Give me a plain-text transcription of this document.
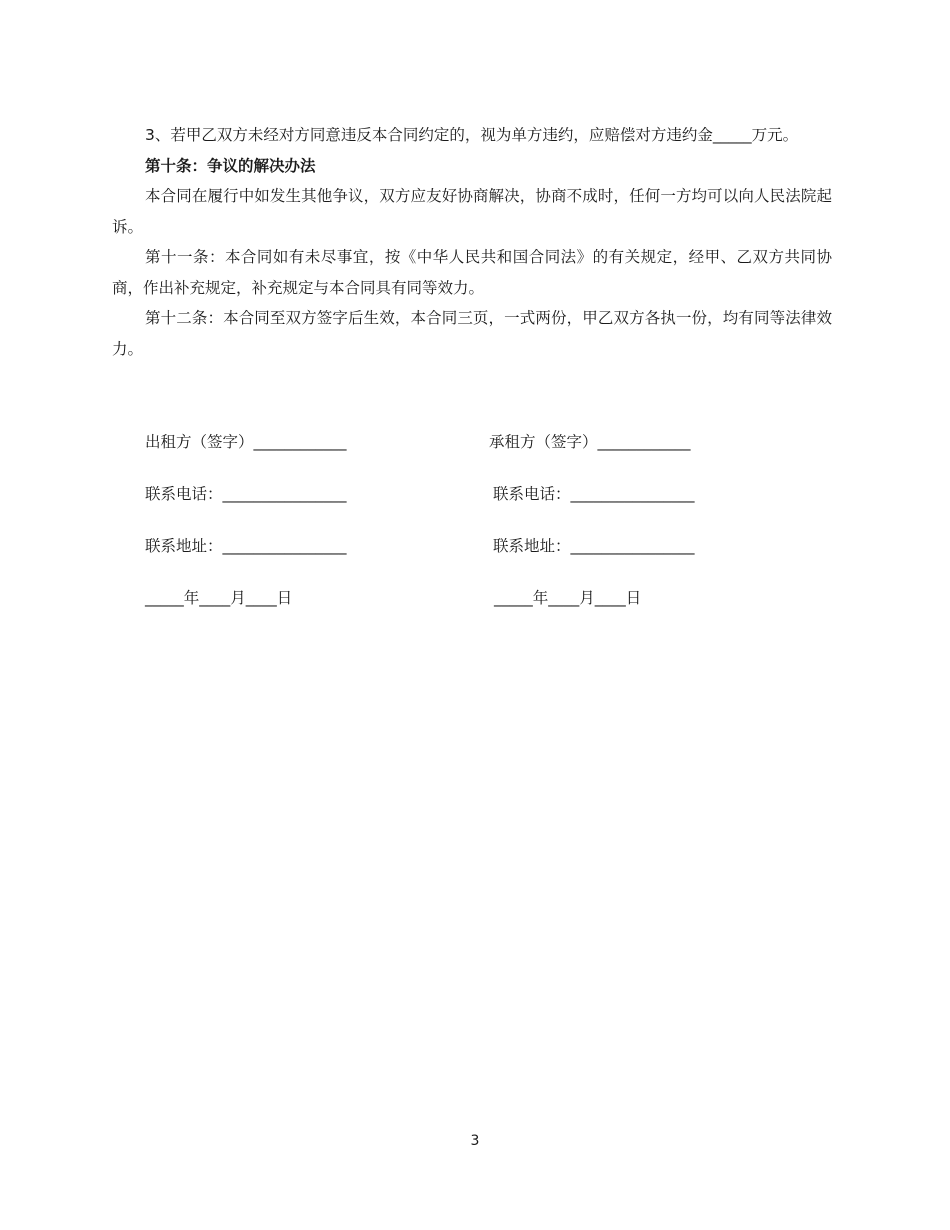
3、若甲乙双方未经对方同意违反本合同约定的，视为单方违约，应赔偿对方违约金_____万元。

第十条：争议的解决办法

本合同在履行中如发生其他争议，双方应友好协商解决，协商不成时，任何一方均可以向人民法院起诉。

第十一条：本合同如有未尽事宜，按《中华人民共和国合同法》的有关规定，经甲、乙双方共同协商，作出补充规定，补充规定与本合同具有同等效力。

第十二条：本合同至双方签字后生效，本合同三页，一式两份，甲乙双方各执一份，均有同等法律效力。

出租方（签字）____________
联系电话：________________
联系地址：________________
_____年____月____日
承租方（签字）____________
联系电话：________________
联系地址：________________
_____年____月____日
3
